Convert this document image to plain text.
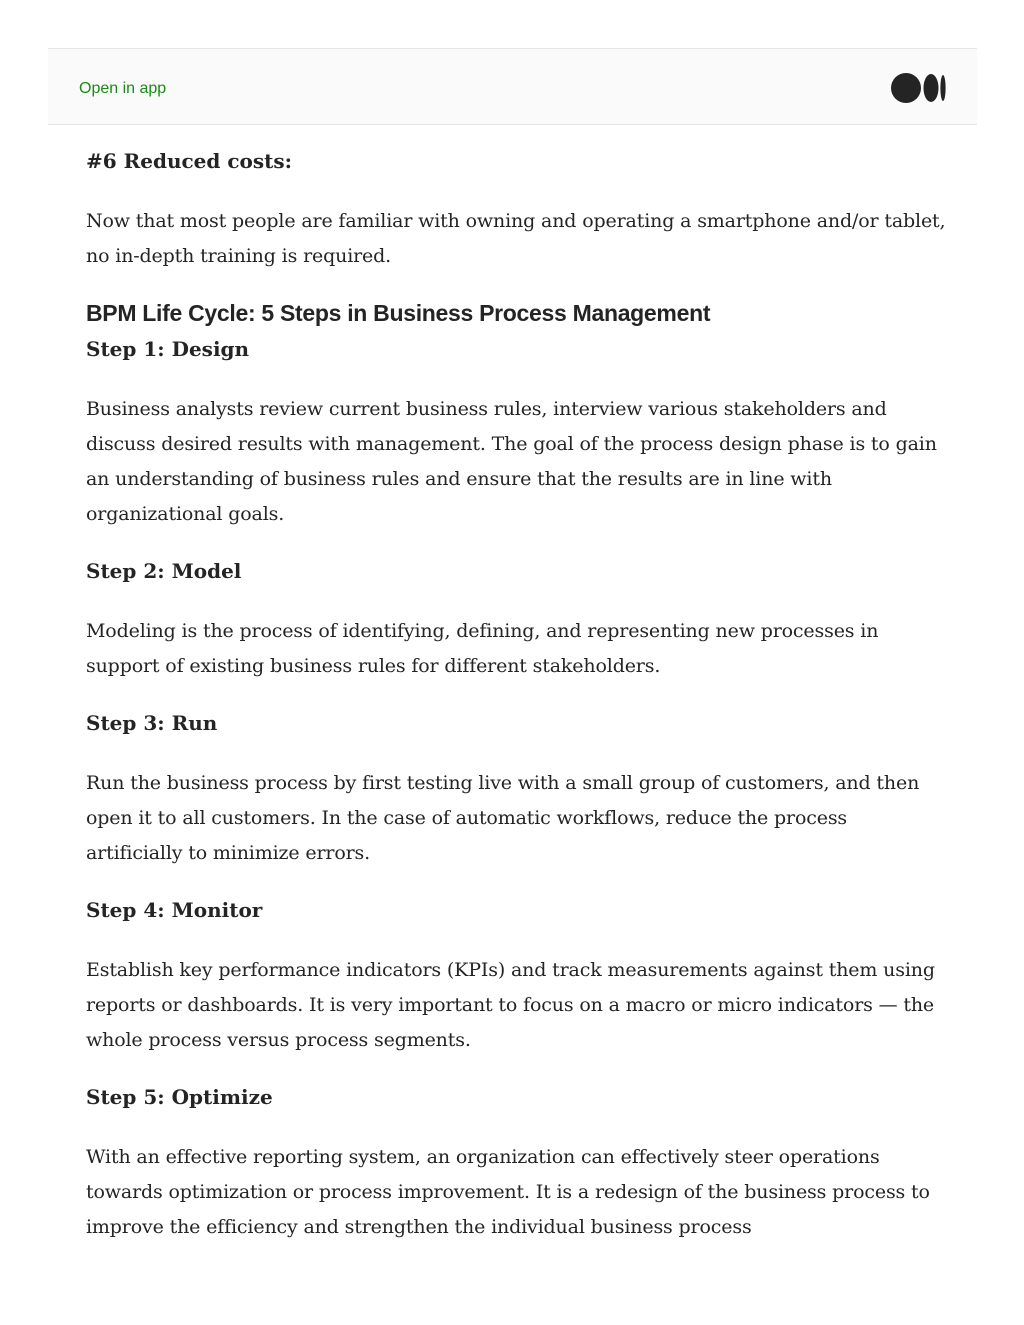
Open in app

#6 Reduced costs:

Now that most people are familiar with owning and operating a smartphone and/or tablet, no in-depth training is required.

BPM Life Cycle: 5 Steps in Business Process Management

Step 1: Design

Business analysts review current business rules, interview various stakeholders and discuss desired results with management. The goal of the process design phase is to gain an understanding of business rules and ensure that the results are in line with organizational goals.

Step 2: Model

Modeling is the process of identifying, defining, and representing new processes in support of existing business rules for different stakeholders.

Step 3: Run

Run the business process by first testing live with a small group of customers, and then open it to all customers. In the case of automatic workflows, reduce the process artificially to minimize errors.

Step 4: Monitor

Establish key performance indicators (KPIs) and track measurements against them using reports or dashboards. It is very important to focus on a macro or micro indicators — the whole process versus process segments.

Step 5: Optimize

With an effective reporting system, an organization can effectively steer operations towards optimization or process improvement. It is a redesign of the business process to improve the efficiency and strengthen the individual business process
